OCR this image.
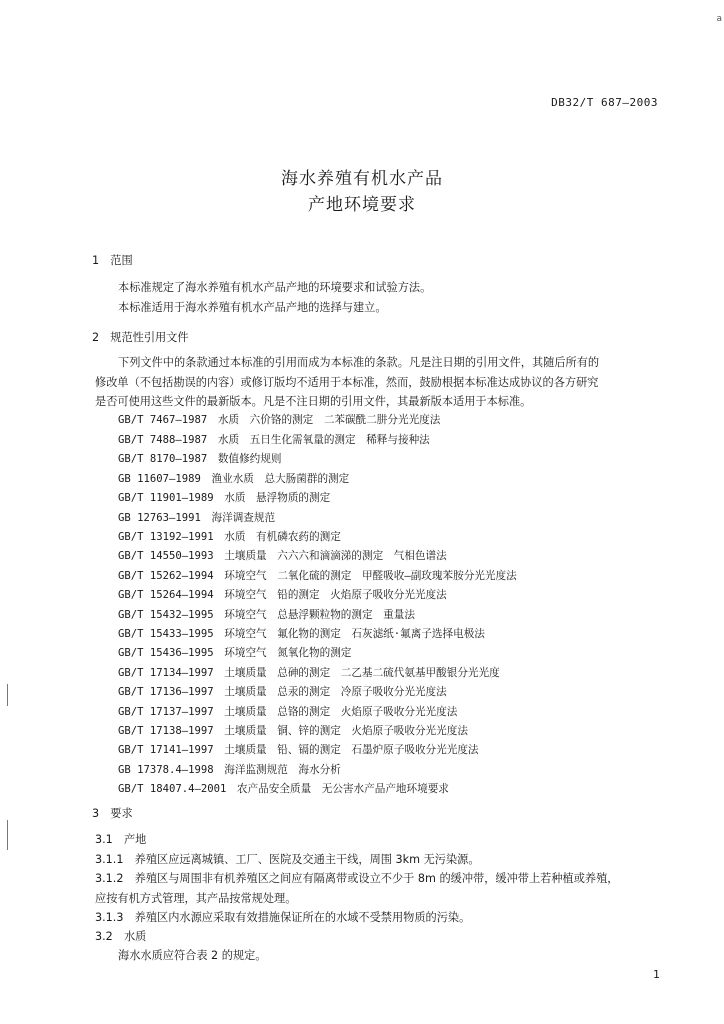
a
DB32/T 687—2003
海水养殖有机水产品
产地环境要求
1　范围
本标准规定了海水养殖有机水产品产地的环境要求和试验方法。
本标准适用于海水养殖有机水产品产地的选择与建立。
2　规范性引用文件
下列文件中的条款通过本标准的引用而成为本标准的条款。凡是注日期的引用文件，其随后所有的
修改单（不包括勘误的内容）或修订版均不适用于本标准，然而，鼓励根据本标准达成协议的各方研究
是否可使用这些文件的最新版本。凡是不注日期的引用文件，其最新版本适用于本标准。
GB/T 7467—1987　水质　六价铬的测定　二苯碳酰二肼分光光度法
GB/T 7488—1987　水质　五日生化需氧量的测定　稀释与接种法
GB/T 8170—1987　数值修约规则
GB 11607—1989　渔业水质　总大肠菌群的测定
GB/T 11901—1989　水质　悬浮物质的测定
GB 12763—1991　海洋调查规范
GB/T 13192—1991　水质　有机磷农药的测定
GB/T 14550—1993　土壤质量　六六六和滴滴涕的测定　气相色谱法
GB/T 15262—1994　环境空气　二氧化硫的测定　甲醛吸收—副玫瑰苯胺分光光度法
GB/T 15264—1994　环境空气　铅的测定　火焰原子吸收分光光度法
GB/T 15432—1995　环境空气　总悬浮颗粒物的测定　重量法
GB/T 15433—1995　环境空气　氟化物的测定　石灰滤纸·氟离子选择电极法
GB/T 15436—1995　环境空气　氮氧化物的测定
GB/T 17134—1997　土壤质量　总砷的测定　二乙基二硫代氨基甲酸银分光光度
GB/T 17136—1997　土壤质量　总汞的测定　冷原子吸收分光光度法
GB/T 17137—1997　土壤质量　总铬的测定　火焰原子吸收分光光度法
GB/T 17138—1997　土壤质量　铜、锌的测定　火焰原子吸收分光光度法
GB/T 17141—1997　土壤质量　铅、镉的测定　石墨炉原子吸收分光光度法
GB 17378.4—1998　海洋监测规范　海水分析
GB/T 18407.4—2001　农产品安全质量　无公害水产品产地环境要求
3　要求
3.1　产地
3.1.1　养殖区应远离城镇、工厂、医院及交通主干线，周围 3km 无污染源。
3.1.2　养殖区与周围非有机养殖区之间应有隔离带或设立不少于 8m 的缓冲带，缓冲带上若种植或养殖，
应按有机方式管理，其产品按常规处理。
3.1.3　养殖区内水源应采取有效措施保证所在的水域不受禁用物质的污染。
3.2　水质
海水水质应符合表 2 的规定。
1
